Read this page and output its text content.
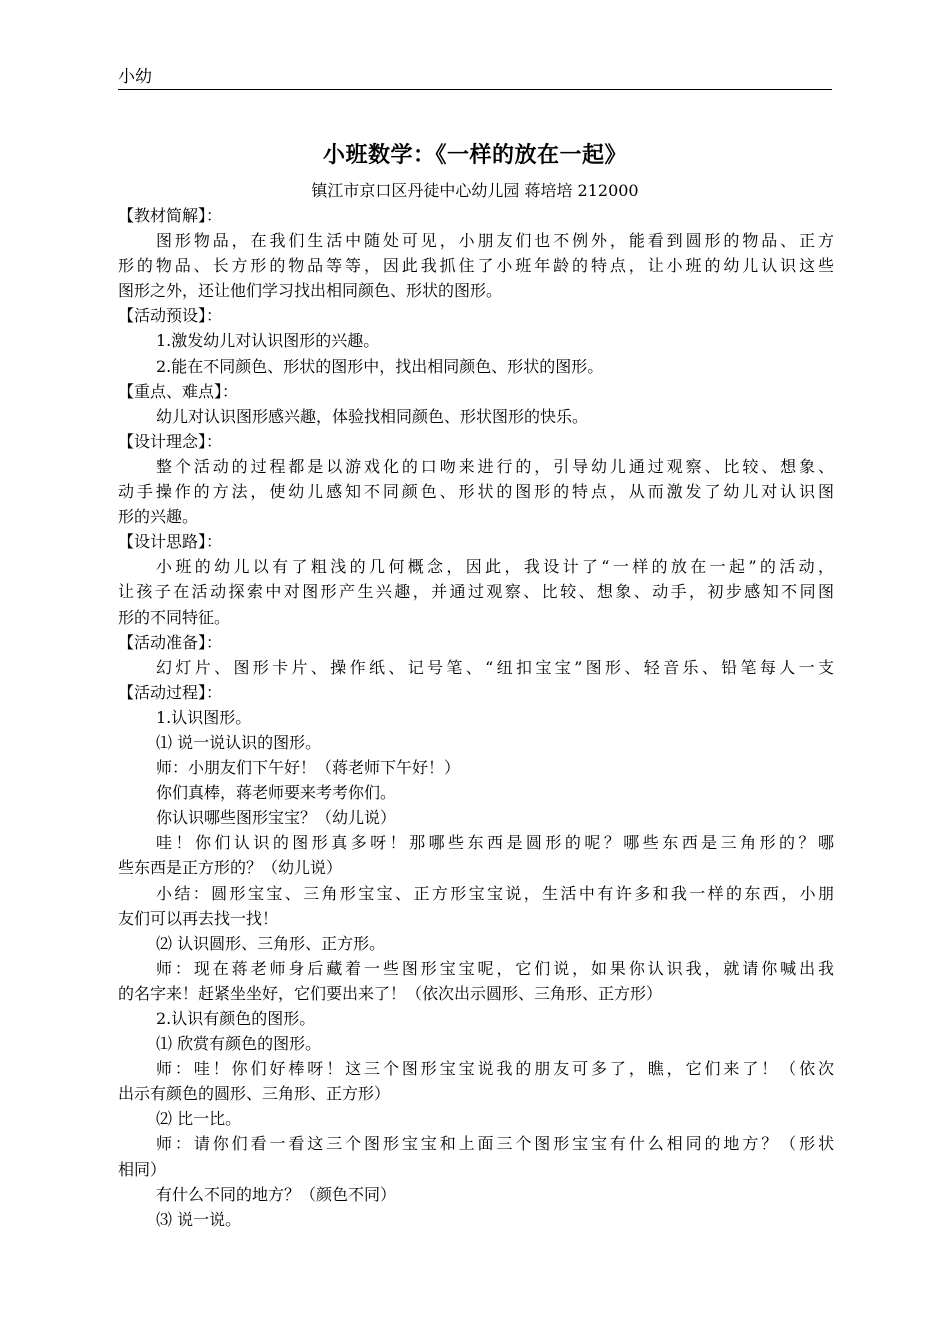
小幼
小班数学：《一样的放在一起》
镇江市京口区丹徒中心幼儿园 蒋培培 212000
【教材简解】：
图形物品，在我们生活中随处可见，小朋友们也不例外，能看到圆形的物品、正方
形的物品、长方形的物品等等，因此我抓住了小班年龄的特点，让小班的幼儿认识这些
图形之外，还让他们学习找出相同颜色、形状的图形。
【活动预设】：
1.激发幼儿对认识图形的兴趣。
2.能在不同颜色、形状的图形中，找出相同颜色、形状的图形。
【重点、难点】：
幼儿对认识图形感兴趣，体验找相同颜色、形状图形的快乐。
【设计理念】：
整个活动的过程都是以游戏化的口吻来进行的，引导幼儿通过观察、比较、想象、
动手操作的方法，使幼儿感知不同颜色、形状的图形的特点，从而激发了幼儿对认识图
形的兴趣。
【设计思路】：
小班的幼儿以有了粗浅的几何概念，因此，我设计了“一样的放在一起”的活动，
让孩子在活动探索中对图形产生兴趣，并通过观察、比较、想象、动手，初步感知不同图
形的不同特征。
【活动准备】：
幻灯片、图形卡片、操作纸、记号笔、“纽扣宝宝”图形、轻音乐、铅笔每人一支
【活动过程】：
1.认识图形。
⑴ 说一说认识的图形。
师：小朋友们下午好！（蒋老师下午好！）
你们真棒，蒋老师要来考考你们。
你认识哪些图形宝宝？（幼儿说）
哇！你们认识的图形真多呀！那哪些东西是圆形的呢？哪些东西是三角形的？哪
些东西是正方形的？（幼儿说）
小结：圆形宝宝、三角形宝宝、正方形宝宝说，生活中有许多和我一样的东西，小朋
友们可以再去找一找！
⑵ 认识圆形、三角形、正方形。
师：现在蒋老师身后藏着一些图形宝宝呢，它们说，如果你认识我，就请你喊出我
的名字来！赶紧坐坐好，它们要出来了！（依次出示圆形、三角形、正方形）
2.认识有颜色的图形。
⑴ 欣赏有颜色的图形。
师：哇！你们好棒呀！这三个图形宝宝说我的朋友可多了，瞧，它们来了！（依次
出示有颜色的圆形、三角形、正方形）
⑵ 比一比。
师：请你们看一看这三个图形宝宝和上面三个图形宝宝有什么相同的地方？（形状
相同）
有什么不同的地方？（颜色不同）
⑶ 说一说。
